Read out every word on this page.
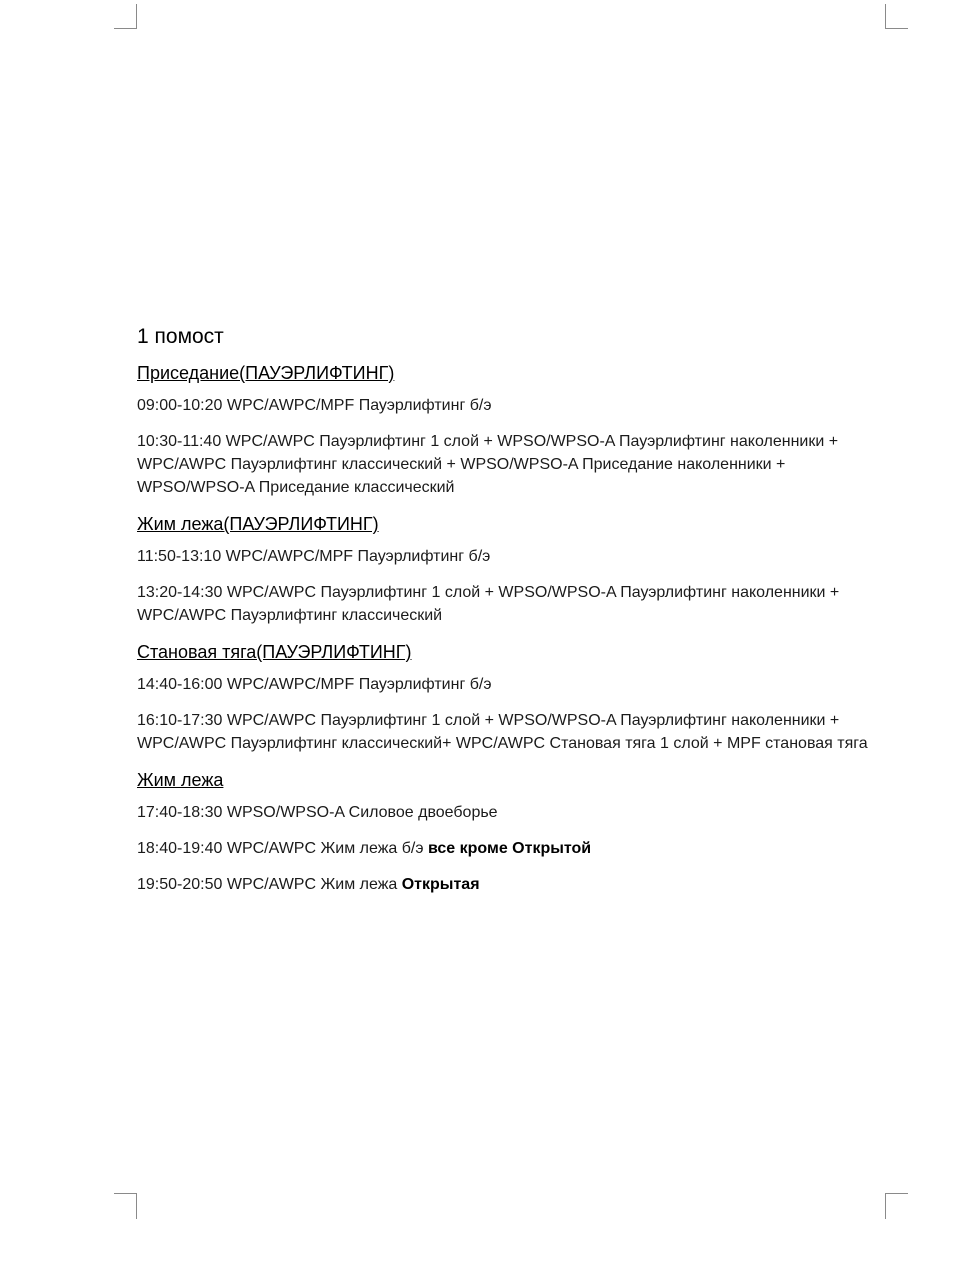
1 помост
Приседание(ПАУЭРЛИФТИНГ)
09:00-10:20 WPC/AWPC/MPF Пауэрлифтинг б/э
10:30-11:40 WPC/AWPC Пауэрлифтинг 1 слой + WPSO/WPSO-A Пауэрлифтинг наколенники + WPC/AWPC Пауэрлифтинг классический + WPSO/WPSO-A Приседание наколенники + WPSO/WPSO-A Приседание классический
Жим лежа(ПАУЭРЛИФТИНГ)
11:50-13:10 WPC/AWPC/MPF Пауэрлифтинг б/э
13:20-14:30 WPC/AWPC Пауэрлифтинг 1 слой + WPSO/WPSO-A Пауэрлифтинг наколенники + WPC/AWPC Пауэрлифтинг классический
Становая тяга(ПАУЭРЛИФТИНГ)
14:40-16:00 WPC/AWPC/MPF Пауэрлифтинг б/э
16:10-17:30 WPC/AWPC Пауэрлифтинг 1 слой + WPSO/WPSO-A Пауэрлифтинг наколенники + WPC/AWPC Пауэрлифтинг классический+ WPC/AWPC Становая тяга 1 слой + MPF становая тяга
Жим лежа
17:40-18:30 WPSO/WPSO-A Силовое двоеборье
18:40-19:40 WPC/AWPC Жим лежа б/э все кроме Открытой
19:50-20:50 WPC/AWPC Жим лежа Открытая
